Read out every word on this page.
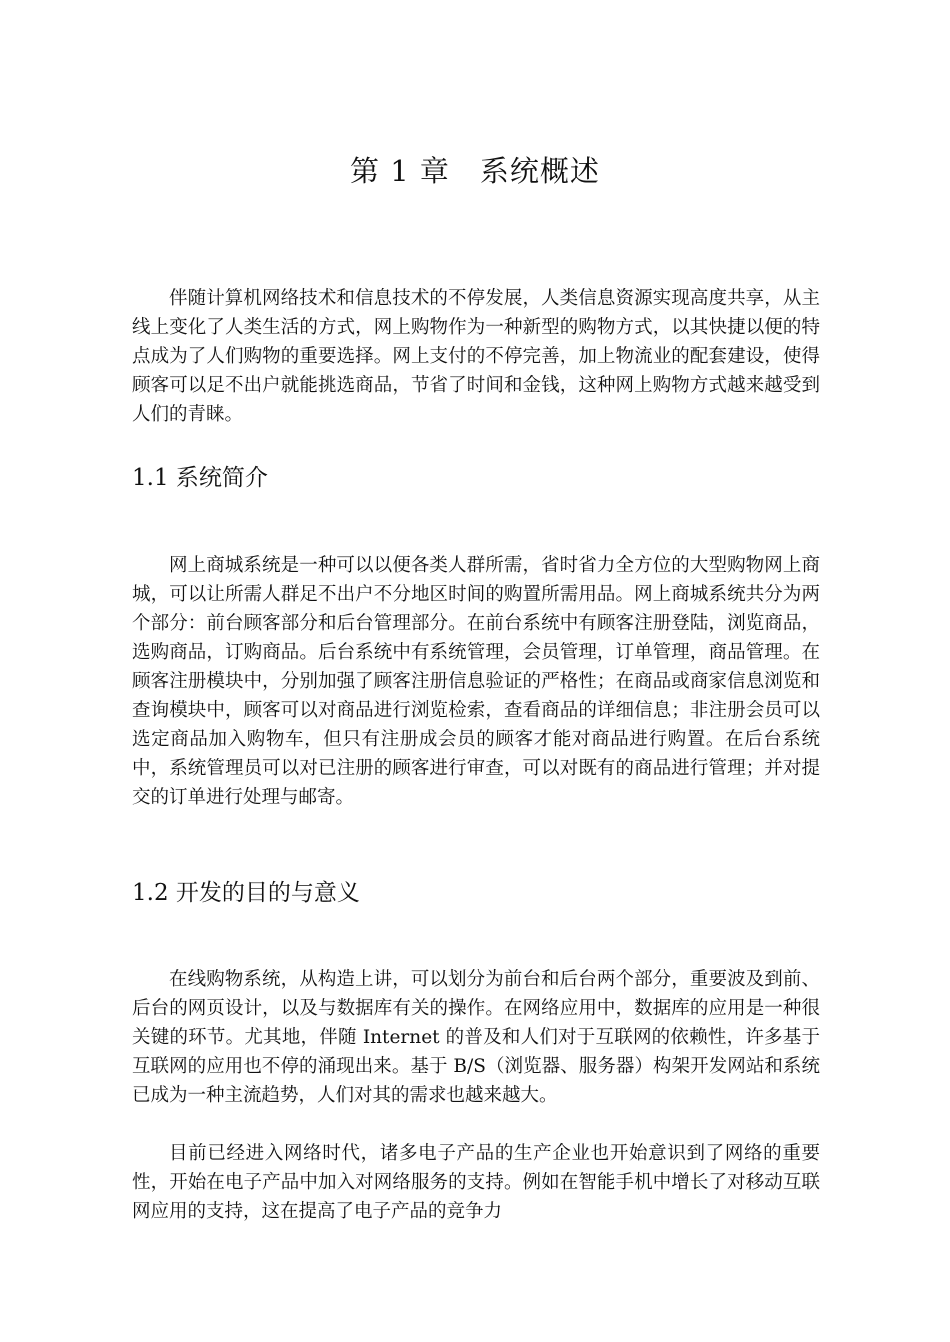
第 1 章　系统概述

伴随计算机网络技术和信息技术的不停发展，人类信息资源实现高度共享，从主线上变化了人类生活的方式，网上购物作为一种新型的购物方式，以其快捷以便的特点成为了人们购物的重要选择。网上支付的不停完善，加上物流业的配套建设，使得顾客可以足不出户就能挑选商品，节省了时间和金钱，这种网上购物方式越来越受到人们的青睐。

1.1 系统简介

网上商城系统是一种可以以便各类人群所需，省时省力全方位的大型购物网上商城，可以让所需人群足不出户不分地区时间的购置所需用品。网上商城系统共分为两个部分：前台顾客部分和后台管理部分。在前台系统中有顾客注册登陆，浏览商品，选购商品，订购商品。后台系统中有系统管理，会员管理，订单管理，商品管理。在顾客注册模块中，分别加强了顾客注册信息验证的严格性；在商品或商家信息浏览和查询模块中，顾客可以对商品进行浏览检索，查看商品的详细信息；非注册会员可以选定商品加入购物车，但只有注册成会员的顾客才能对商品进行购置。在后台系统中，系统管理员可以对已注册的顾客进行审查，可以对既有的商品进行管理；并对提交的订单进行处理与邮寄。

1.2 开发的目的与意义

在线购物系统，从构造上讲，可以划分为前台和后台两个部分，重要波及到前、后台的网页设计，以及与数据库有关的操作。在网络应用中，数据库的应用是一种很关键的环节。尤其地，伴随 Internet 的普及和人们对于互联网的依赖性，许多基于互联网的应用也不停的涌现出来。基于 B/S（浏览器、服务器）构架开发网站和系统已成为一种主流趋势，人们对其的需求也越来越大。

目前已经进入网络时代，诸多电子产品的生产企业也开始意识到了网络的重要性，开始在电子产品中加入对网络服务的支持。例如在智能手机中增长了对移动互联网应用的支持，这在提高了电子产品的竞争力
